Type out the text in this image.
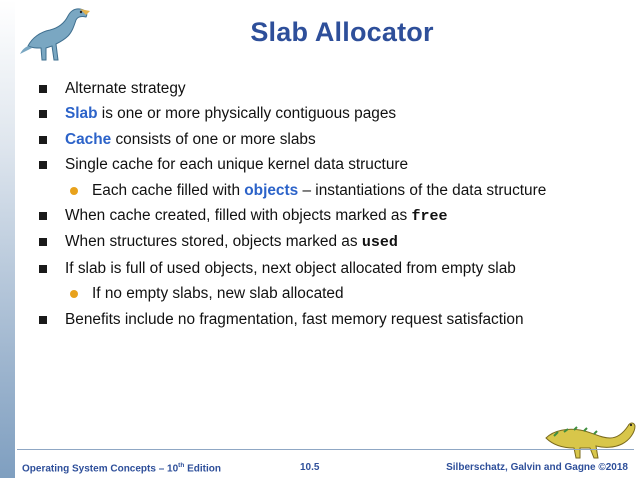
Slab Allocator
Alternate strategy
Slab is one or more physically contiguous pages
Cache consists of one or more slabs
Single cache for each unique kernel data structure
Each cache filled with objects – instantiations of the data structure
When cache created, filled with objects marked as free
When structures stored, objects marked as used
If slab is full of used objects, next object allocated from empty slab
If no empty slabs, new slab allocated
Benefits include no fragmentation, fast memory request satisfaction
Operating System Concepts – 10th Edition	10.5	Silberschatz, Galvin and Gagne ©2018
